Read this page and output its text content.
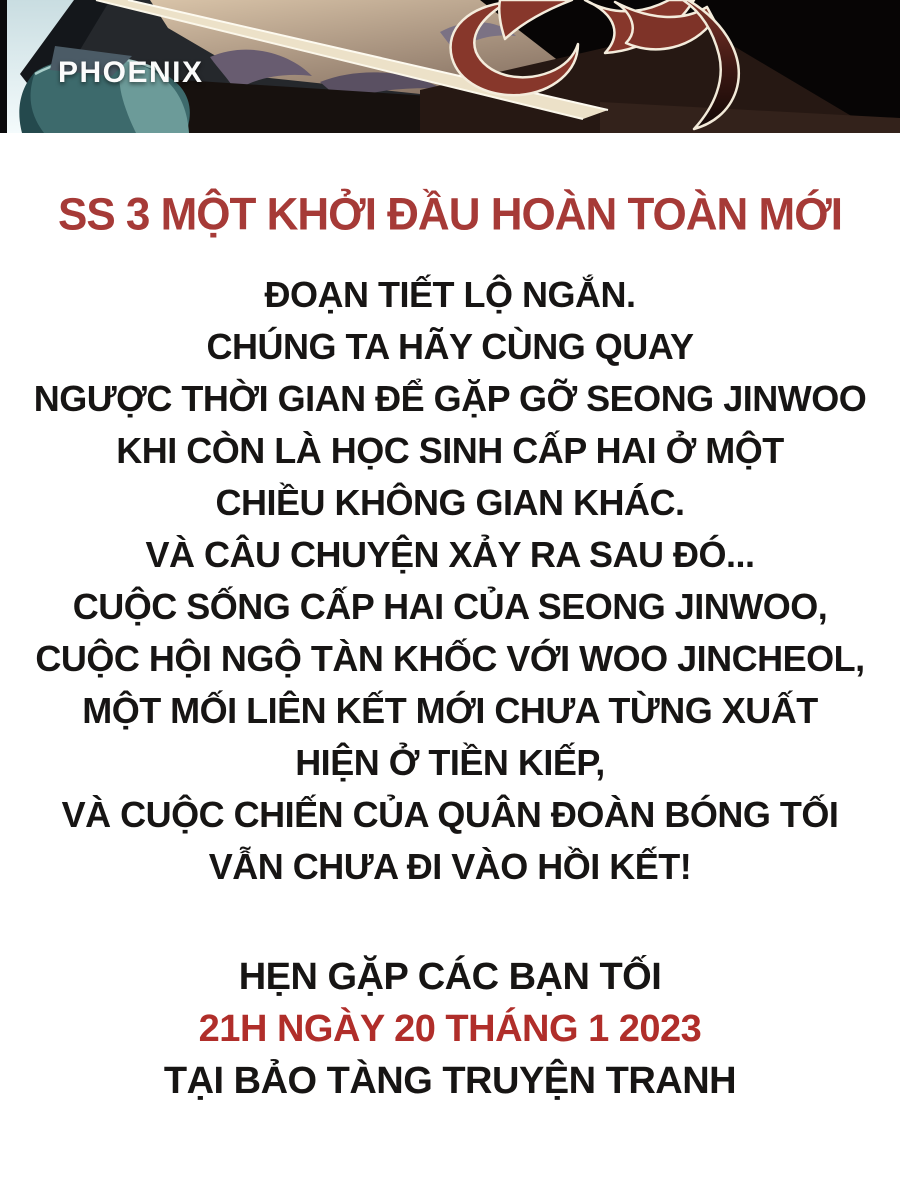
PHOENIX
SS 3 MỘT KHỞI ĐẦU HOÀN TOÀN MỚI
ĐOẠN TIẾT LỘ NGẮN.
CHÚNG TA HÃY CÙNG QUAY
NGƯỢC THỜI GIAN ĐỂ GẶP GỠ SEONG JINWOO
KHI CÒN LÀ HỌC SINH CẤP HAI Ở MỘT
CHIỀU KHÔNG GIAN KHÁC.
VÀ CÂU CHUYỆN XẢY RA SAU ĐÓ...
CUỘC SỐNG CẤP HAI CỦA SEONG JINWOO,
CUỘC HỘI NGỘ TÀN KHỐC VỚI WOO JINCHEOL,
MỘT MỐI LIÊN KẾT MỚI CHƯA TỪNG XUẤT
HIỆN Ở TIỀN KIẾP,
VÀ CUỘC CHIẾN CỦA QUÂN ĐOÀN BÓNG TỐI
VẪN CHƯA ĐI VÀO HỒI KẾT!
HẸN GẶP CÁC BẠN TỐI
21H NGÀY 20 THÁNG 1 2023
TẠI BẢO TÀNG TRUYỆN TRANH
